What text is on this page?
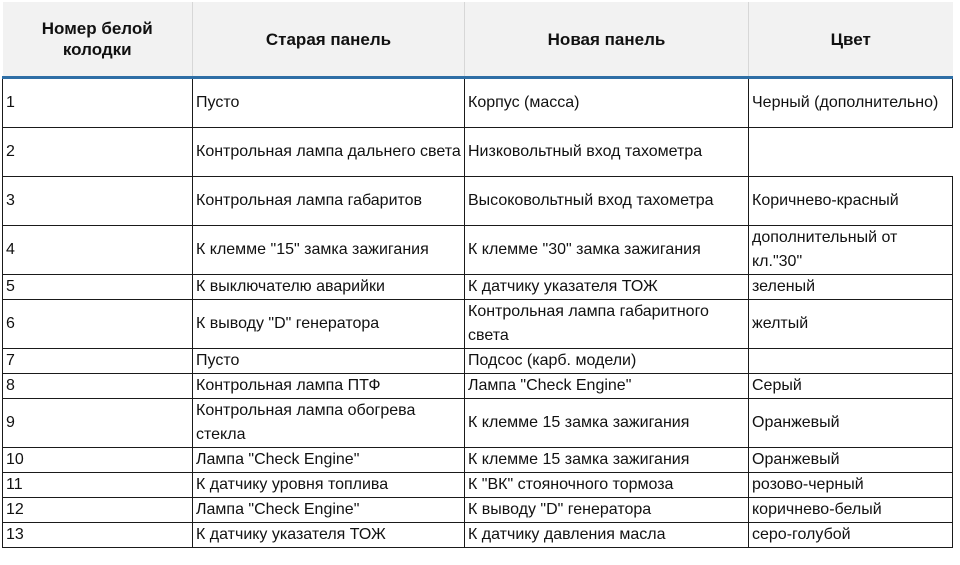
Номер белой колодки	Старая панель	Новая панель	Цвет
1	Пусто	Корпус (масса)	Черный (дополнительно)
2	Контрольная лампа дальнего света	Низковольтный вход тахометра	
3	Контрольная лампа габаритов	Высоковольтный вход тахометра	Коричнево-красный
4	К клемме "15" замка зажигания	К клемме "30" замка зажигания	дополнительный от кл."30"
5	К выключателю аварийки	К датчику указателя ТОЖ	зеленый
6	К выводу "D" генератора	Контрольная лампа габаритного света	желтый
7	Пусто	Подсос (карб. модели)	
8	Контрольная лампа ПТФ	Лампа "Check Engine"	Серый
9	Контрольная лампа обогрева стекла	К клемме 15 замка зажигания	Оранжевый
10	Лампа "Check Engine"	К клемме 15 замка зажигания	Оранжевый
11	К датчику уровня топлива	К "ВК" стояночного тормоза	розово-черный
12	Лампа "Check Engine"	К выводу "D" генератора	коричнево-белый
13	К датчику указателя ТОЖ	К датчику давления масла	серо-голубой
